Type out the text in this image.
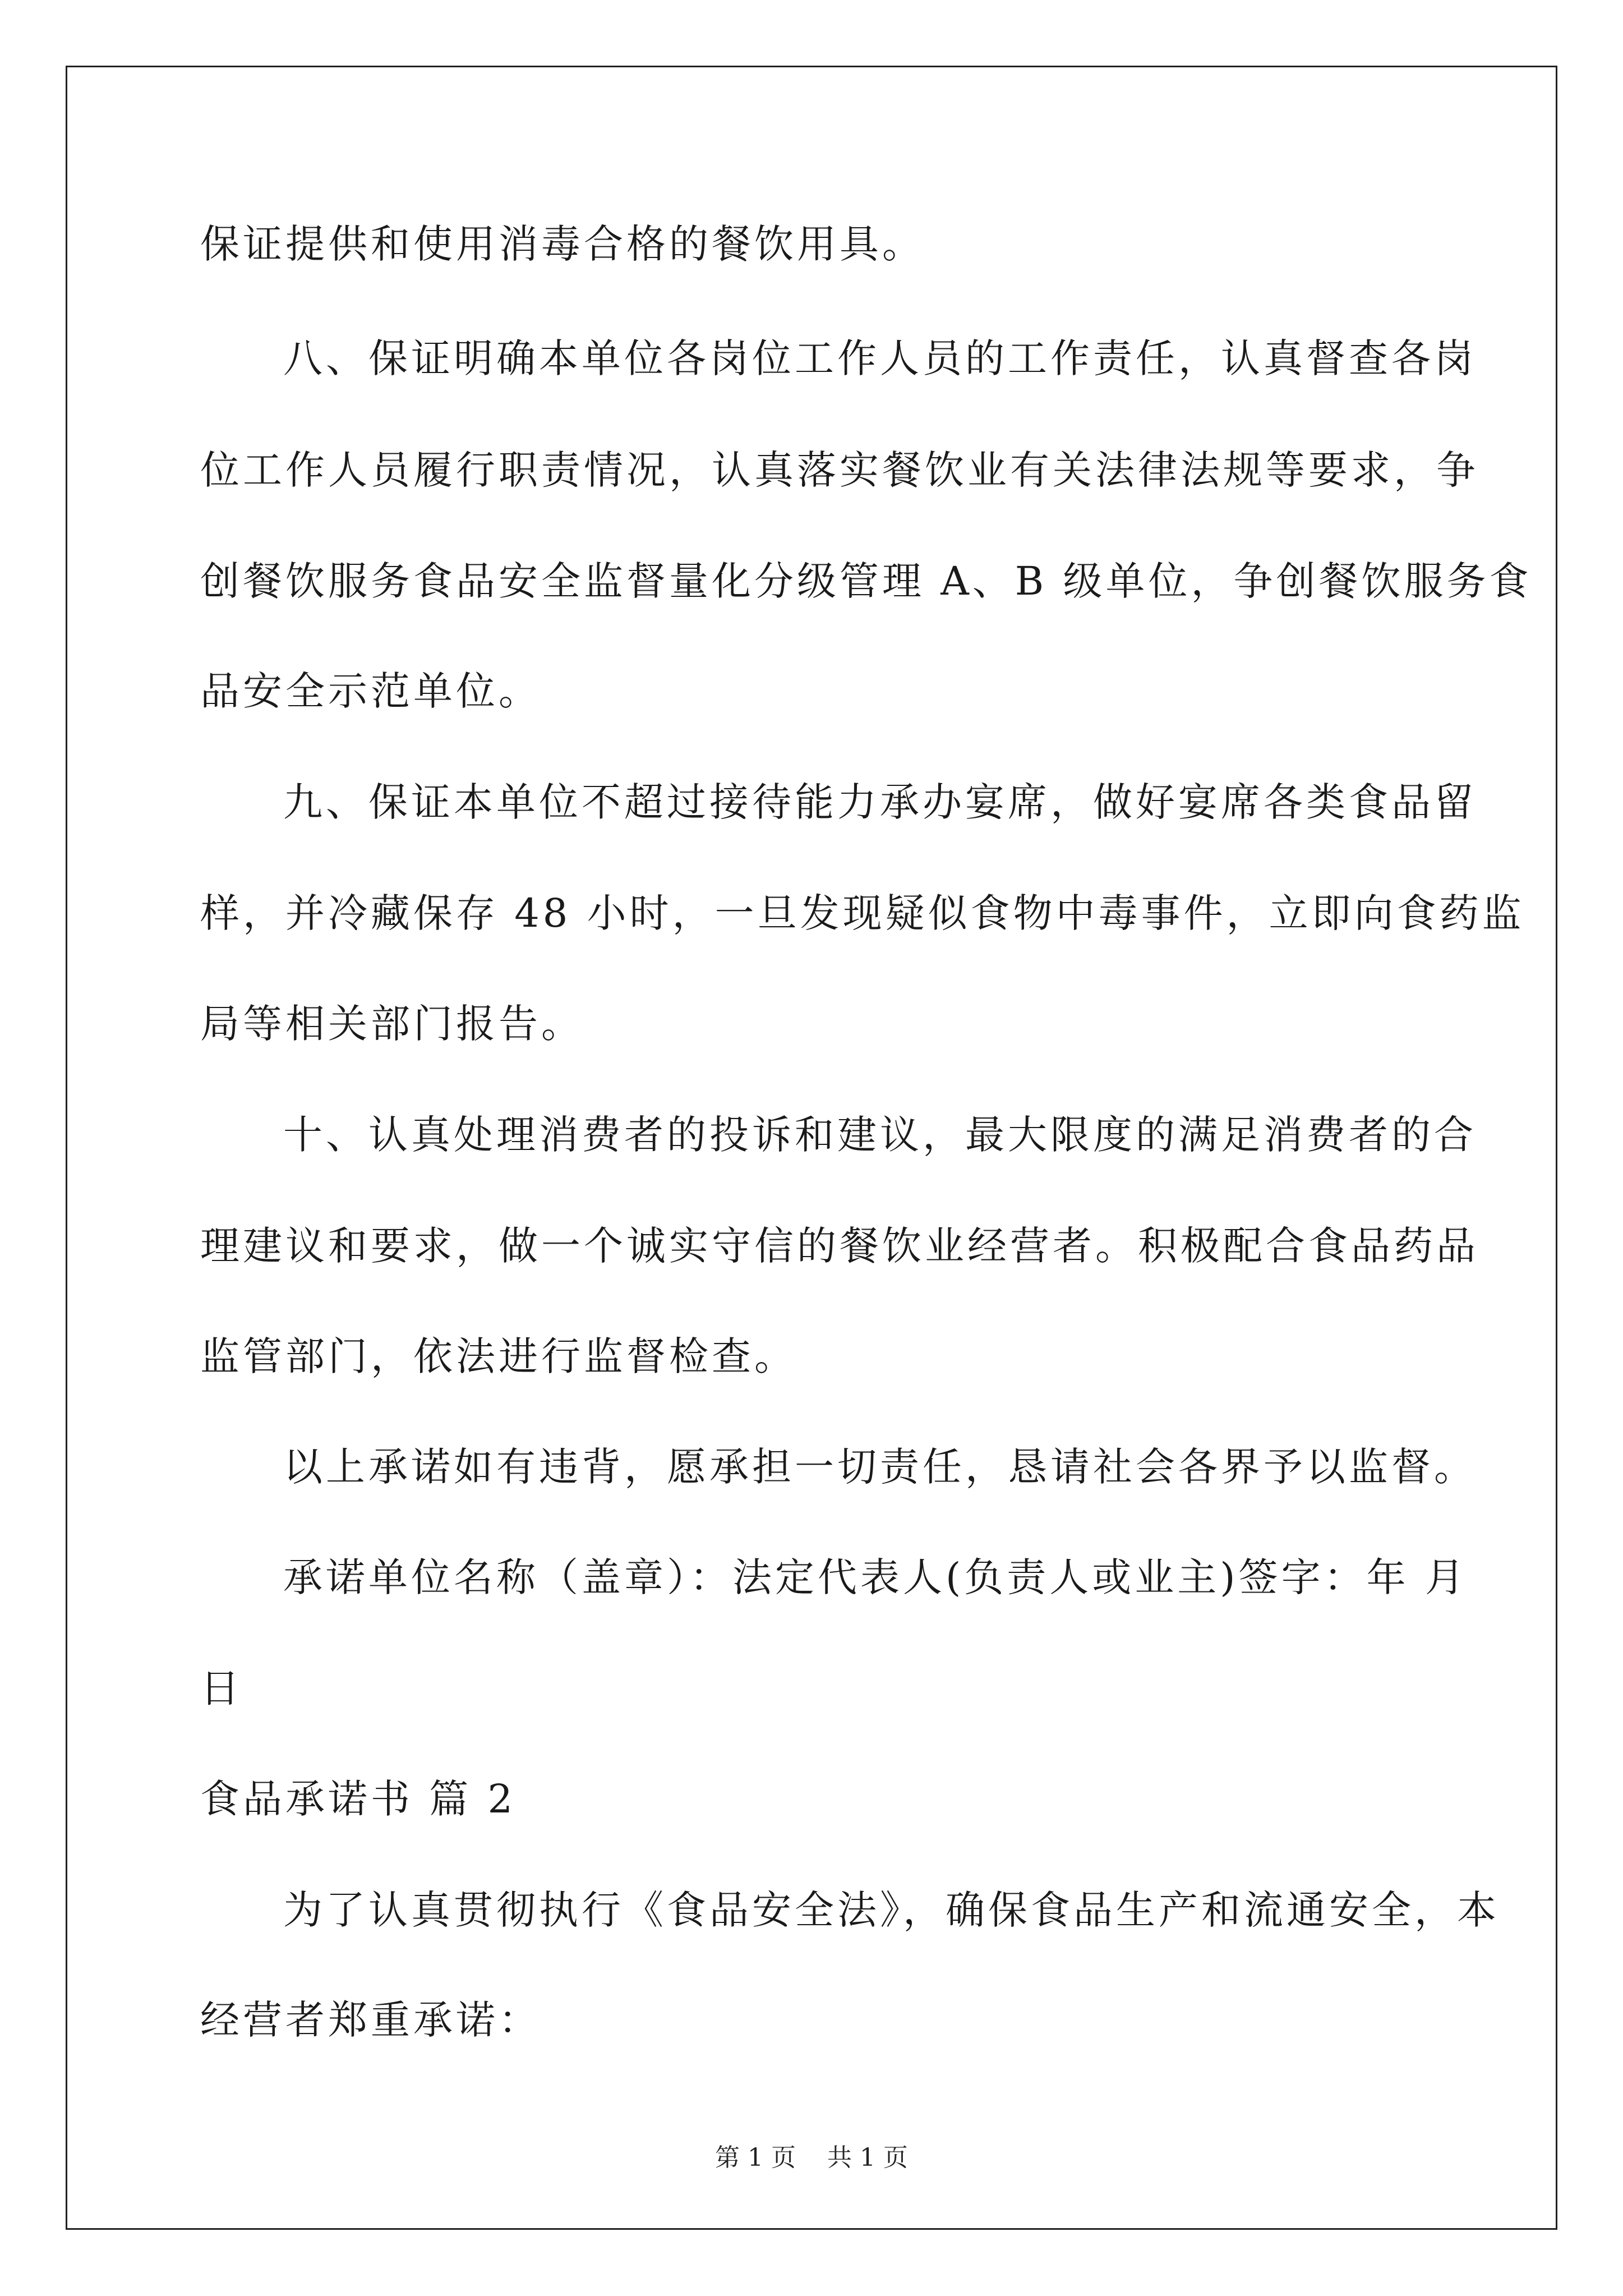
保证提供和使用消毒合格的餐饮用具。
八、保证明确本单位各岗位工作人员的工作责任，认真督查各岗
位工作人员履行职责情况，认真落实餐饮业有关法律法规等要求，争
创餐饮服务食品安全监督量化分级管理 A、B 级单位，争创餐饮服务食
品安全示范单位。
九、保证本单位不超过接待能力承办宴席，做好宴席各类食品留
样，并冷藏保存 48 小时，一旦发现疑似食物中毒事件，立即向食药监
局等相关部门报告。
十、认真处理消费者的投诉和建议，最大限度的满足消费者的合
理建议和要求，做一个诚实守信的餐饮业经营者。积极配合食品药品
监管部门，依法进行监督检查。
以上承诺如有违背，愿承担一切责任，恳请社会各界予以监督。
承诺单位名称（盖章）：法定代表人(负责人或业主)签字：年 月
日
食品承诺书 篇 2
为了认真贯彻执行《食品安全法》，确保食品生产和流通安全，本
经营者郑重承诺：
第 1 页    共 1 页
